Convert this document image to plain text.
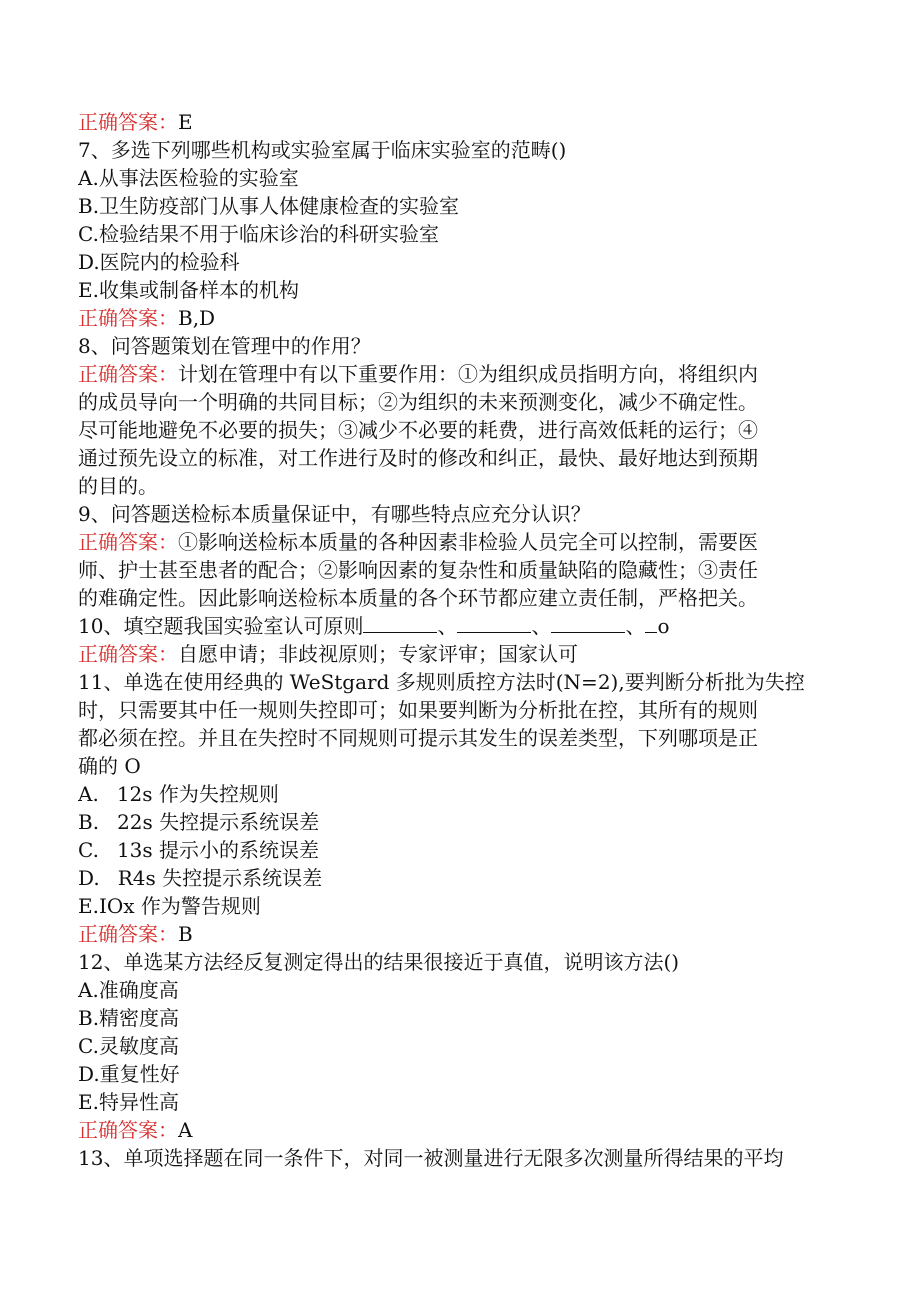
正确答案：E
7、多选下列哪些机构或实验室属于临床实验室的范畴()
A.从事法医检验的实验室
B.卫生防疫部门从事人体健康检查的实验室
C.检验结果不用于临床诊治的科研实验室
D.医院内的检验科
E.收集或制备样本的机构
正确答案：B,D
8、问答题策划在管理中的作用？
正确答案：计划在管理中有以下重要作用：①为组织成员指明方向，将组织内
的成员导向一个明确的共同目标；②为组织的未来预测变化，减少不确定性。
尽可能地避免不必要的损失；③减少不必要的耗费，进行高效低耗的运行；④
通过预先设立的标准，对工作进行及时的修改和纠正，最快、最好地达到预期
的目的。
9、问答题送检标本质量保证中，有哪些特点应充分认识？
正确答案：①影响送检标本质量的各种因素非检验人员完全可以控制，需要医
师、护士甚至患者的配合；②影响因素的复杂性和质量缺陷的隐藏性；③责任
的难确定性。因此影响送检标本质量的各个环节都应建立责任制，严格把关。
10、填空题我国实验室认可原则	、	、	、 o
正确答案：自愿申请；非歧视原则；专家评审；国家认可
11、单选在使用经典的 WeStgard 多规则质控方法时(N=2),要判断分析批为失控
时，只需要其中任一规则失控即可；如果要判断为分析批在控，其所有的规则
都必须在控。并且在失控时不同规则可提示其发生的误差类型，下列哪项是正
确的 O
A. 12s 作为失控规则
B. 22s 失控提示系统误差
C. 13s 提示小的系统误差
D. R4s 失控提示系统误差
E.IOx 作为警告规则
正确答案：B
12、单选某方法经反复测定得出的结果很接近于真值，说明该方法()
A.准确度高
B.精密度高
C.灵敏度高
D.重复性好
E.特异性高
正确答案：A
13、单项选择题在同一条件下，对同一被测量进行无限多次测量所得结果的平均
